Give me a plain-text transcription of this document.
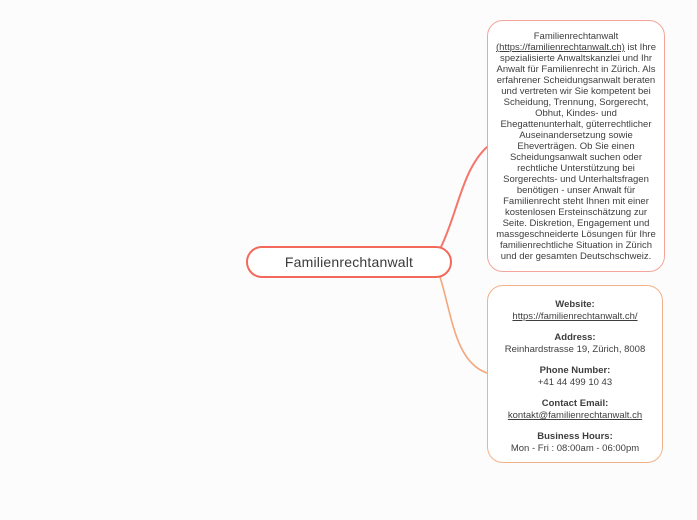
Familienrechtanwalt
Familienrechtanwalt (https://familienrechtanwalt.ch) ist Ihre spezialisierte Anwaltskanzlei und Ihr Anwalt für Familienrecht in Zürich. Als erfahrener Scheidungsanwalt beraten und vertreten wir Sie kompetent bei Scheidung, Trennung, Sorgerecht, Obhut, Kindes- und Ehegattenunterhalt, güterrechtlicher Auseinandersetzung sowie Eheverträgen. Ob Sie einen Scheidungsanwalt suchen oder rechtliche Unterstützung bei Sorgerechts- und Unterhaltsfragen benötigen - unser Anwalt für Familienrecht steht Ihnen mit einer kostenlosen Ersteinschätzung zur Seite. Diskretion, Engagement und massgeschneiderte Lösungen für Ihre familienrechtliche Situation in Zürich und der gesamten Deutschschweiz.
Website:
https://familienrechtanwalt.ch/
Address:
Reinhardstrasse 19, Zürich, 8008
Phone Number:
+41 44 499 10 43
Contact Email:
kontakt@familienrechtanwalt.ch
Business Hours:
Mon - Fri : 08:00am - 06:00pm
